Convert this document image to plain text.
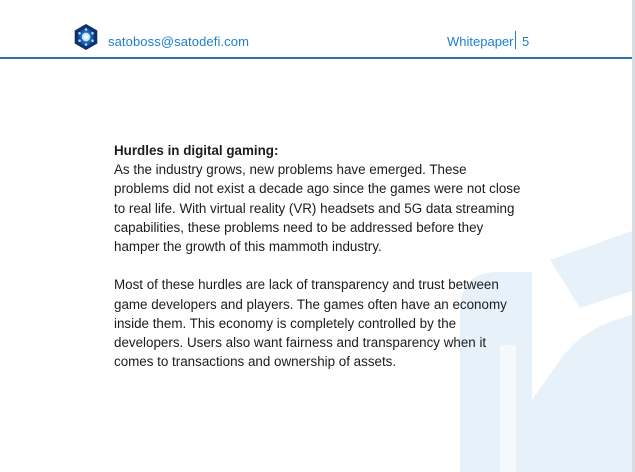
satoboss@satodefi.com	Whitepaper 5

Hurdles in digital gaming:

As the industry grows, new problems have emerged. These problems did not exist a decade ago since the games were not close to real life. With virtual reality (VR) headsets and 5G data streaming capabilities, these problems need to be addressed before they hamper the growth of this mammoth industry.

Most of these hurdles are lack of transparency and trust between game developers and players. The games often have an economy inside them. This economy is completely controlled by the developers. Users also want fairness and transparency when it comes to transactions and ownership of assets.
